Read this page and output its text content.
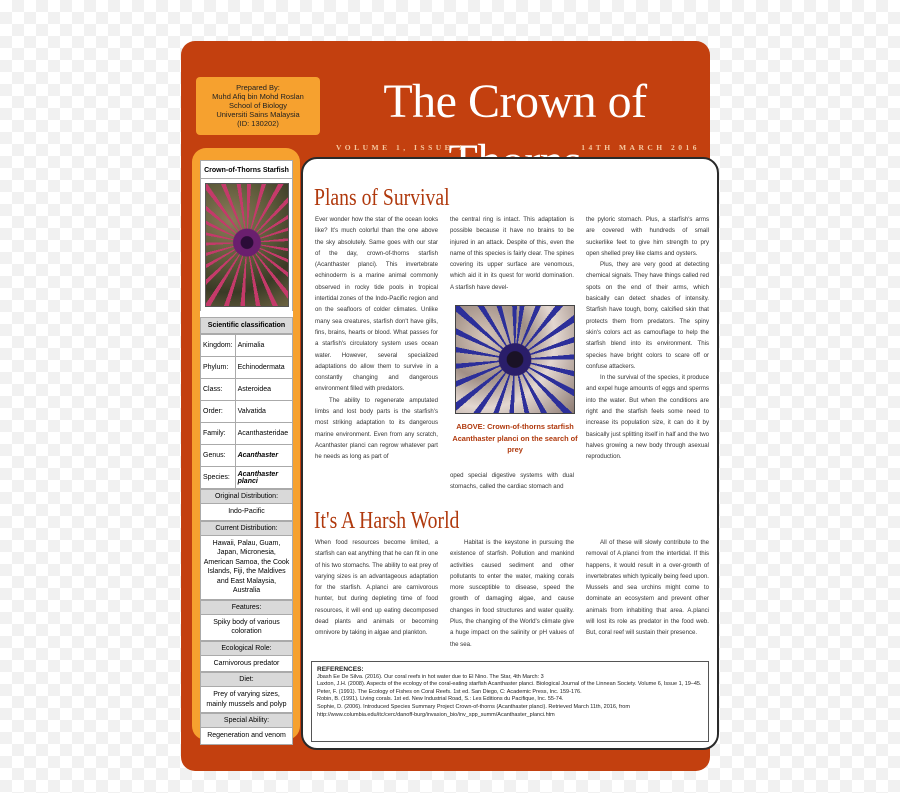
Prepared By:
Muhd Afiq bin Mohd Roslan
School of Biology
Universiti Sains Malaysia
(ID: 130202)	The Crown of
VOLUME 1, ISSUE 1	14TH MARCH 2016
Crown-of-Thorns Starfish
Scientific classification
Kingdom:	Animalia
Phylum:	Echinodermata
Class:	Asteroidea
Order:	Valvatida
Family:	Acanthasteridae
Genus:	Acanthaster
Species:	Acanthaster planci
Original Distribution:
Indo-Pacific
Current Distribution:
Hawaii, Palau, Guam, Japan, Micronesia, American Samoa, the Cook Islands, Fiji, the Maldives and East Malaysia, Australia
Features:
Spiky body of various coloration
Ecological Role:
Carnivorous predator
Diet:
Prey of varying sizes, mainly mussels and polyp
Special Ability:
Regeneration and venom
Plans of Survival

Ever wonder how the star of the ocean looks like? It's much colorful than the one above the sky absolutely. Same goes with our star of the day, crown-of-thorns starfish (Acanthaster planci). This invertebrate echinoderm is a marine animal commonly observed in rocky tide pools in tropical intertidal zones of the Indo-Pacific region and on the seafloors of colder climates. Unlike many sea creatures, starfish don't have gills, fins, brains, hearts or blood. What passes for a starfish's circulatory system uses ocean water. However, several specialized adaptations do allow them to survive in a constantly changing and dangerous environment filled with predators.

The ability to regenerate amputated limbs and lost body parts is the starfish's most striking adaptation to its dangerous marine environment. Even from any scratch, Acanthaster planci can regrow whatever part he needs as long as part of

the central ring is intact. This adaptation is possible because it have no brains to be injured in an attack. Despite of this, even the name of this species is fairly clear. The spines covering its upper surface are venomous, which aid it in its quest for world domination. A starfish have devel-

ABOVE: Crown-of-thorns starfish Acanthaster planci on the search of prey

oped special digestive systems with dual stomachs, called the cardiac stomach and

the pyloric stomach. Plus, a starfish's arms are covered with hundreds of small suckerlike feet to give him strength to pry open shelled prey like clams and oysters.

Plus, they are very good at detecting chemical signals. They have things called red spots on the end of their arms, which basically can detect shades of intensity. Starfish have tough, bony, calcified skin that protects them from predators. The spiny skin's colors act as camouflage to help the starfish blend into its environment. This species have bright colors to scare off or confuse attackers.

In the survival of the species, it produce and expel huge amounts of eggs and sperms into the water. But when the conditions are right and the starfish feels some need to increase its population size, it can do it by basically just splitting itself in half and the two halves growing a new body through asexual reproduction.

It's A Harsh World

When food resources become limited, a starfish can eat anything that he can fit in one of his two stomachs. The ability to eat prey of varying sizes is an advantageous adaptation for the starfish. A.planci are carnivorous hunter, but during depleting time of food resources, it will end up eating decomposed dead plants and animals or becoming omnivore by taking in algae and plankton.

Habitat is the keystone in pursuing the existence of starfish. Pollution and mankind activities caused sediment and other pollutants to enter the water, making corals more susceptible to disease, speed the growth of damaging algae, and cause changes in food structures and water quality. Plus, the changing of the World's climate give a huge impact on the salinity or pH values of the sea.

All of these will slowly contribute to the removal of A.planci from the intertidal. If this happens, it would result in a over-growth of invertebrates which typically being feed upon. Mussels and sea urchins might come to dominate an ecosystem and prevent other animals from inhabiting that area. A.planci will lost its role as predator in the food web. But, coral reef will sustain their presence.

REFERENCES:
Jbash Ee De Silva. (2016). Our coral reefs in hot water due to El Nino. The Star, 4th March: 3
Laxton, J.H. (2008). Aspects of the ecology of the coral-eating starfish Acanthaster planci. Biological Journal of the Linnean Society. Volume 6, Issue 1, 19–45.
Peter, F. (1991). The Ecology of Fishes on Coral Reefs. 1st ed. San Diego, C: Academic Press, Inc. 159-176.
Robin, B. (1991). Living corals. 1st ed. New Industrial Road, S.: Les Editions du Pacifique, Inc. 55-74.
Sophie, D. (2006). Introduced Species Summary Project Crown-of-thorns (Acanthaster planci). Retrieved March 11th, 2016, from http://www.columbia.edu/itc/cerc/danoff-burg/invasion_bio/inv_spp_summ/Acanthaster_planci.htm
